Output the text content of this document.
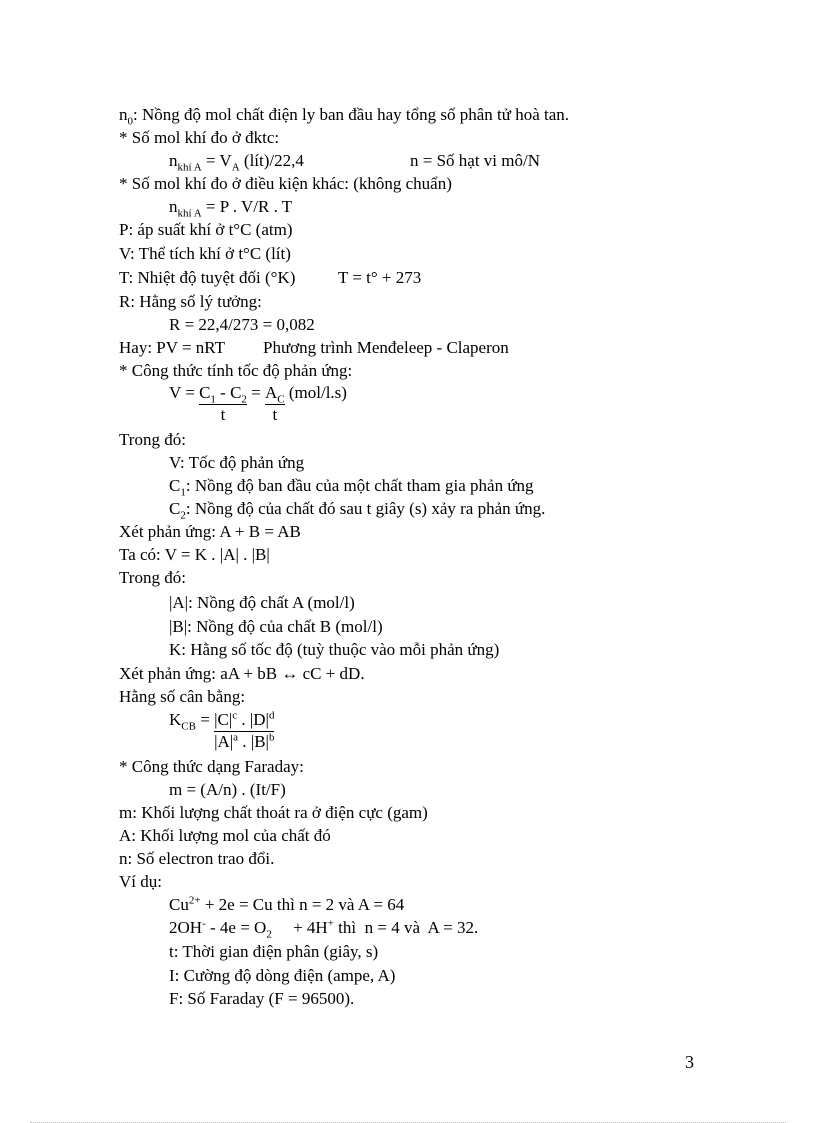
$n_0$: Nồng độ mol chất điện ly ban đầu hay tổng số phân tử hoà tan.
* Số mol khí đo ở đktc:
$n_{khí A} = V_A$ (lít)/22,4	n = Số hạt vi mô/N
* Số mol khí đo ở điều kiện khác: (không chuẩn)
$n_{khí A} = P$ . V/R . T
P: áp suất khí ở t°C (atm)
V: Thể tích khí ở t°C (lít)
T: Nhiệt độ tuyệt đối (°K)	T = t° + 273
R: Hằng số lý tưởng:
R = 22,4/273 = 0,082
Hay: PV = nRT Phương trình Menđeleep - Claperon
* Công thức tính tốc độ phản ứng:
$V = \frac{C_1 - C_2}{t} = \frac{A_C}{t} (mol/l.s)$
Trong đó:
V: Tốc độ phản ứng
$C_1$: Nồng độ ban đầu của một chất tham gia phản ứng
$C_2$: Nồng độ của chất đó sau t giây (s) xảy ra phản ứng.
Xét phản ứng: A + B = AB
Ta có: V = K . |A| . |B|
Trong đó:
|A|: Nồng độ chất A (mol/l)
|B|: Nồng độ của chất B (mol/l)
K: Hằng số tốc độ (tuỳ thuộc vào mỗi phản ứng)
Xét phản ứng: aA + bB ↔ cC + dD.
Hằng số cân bằng:
$K_{CB} = \frac{|C|^c . |D|^d}{|A|^a . |B|^b}$
* Công thức dạng Faraday:
m = (A/n) . (It/F)
m: Khối lượng chất thoát ra ở điện cực (gam)
A: Khối lượng mol của chất đó
n: Số electron trao đổi.
Ví dụ:
$Cu^{2+} + 2e = Cu$ thì n = 2 và A = 64
$2OH^- - 4e = O_2$     + 4H+ thì  n = 4 và  A = 32.
t: Thời gian điện phân (giây, s)
I: Cường độ dòng điện (ampe, A)
F: Số Faraday (F = 96500).
3
